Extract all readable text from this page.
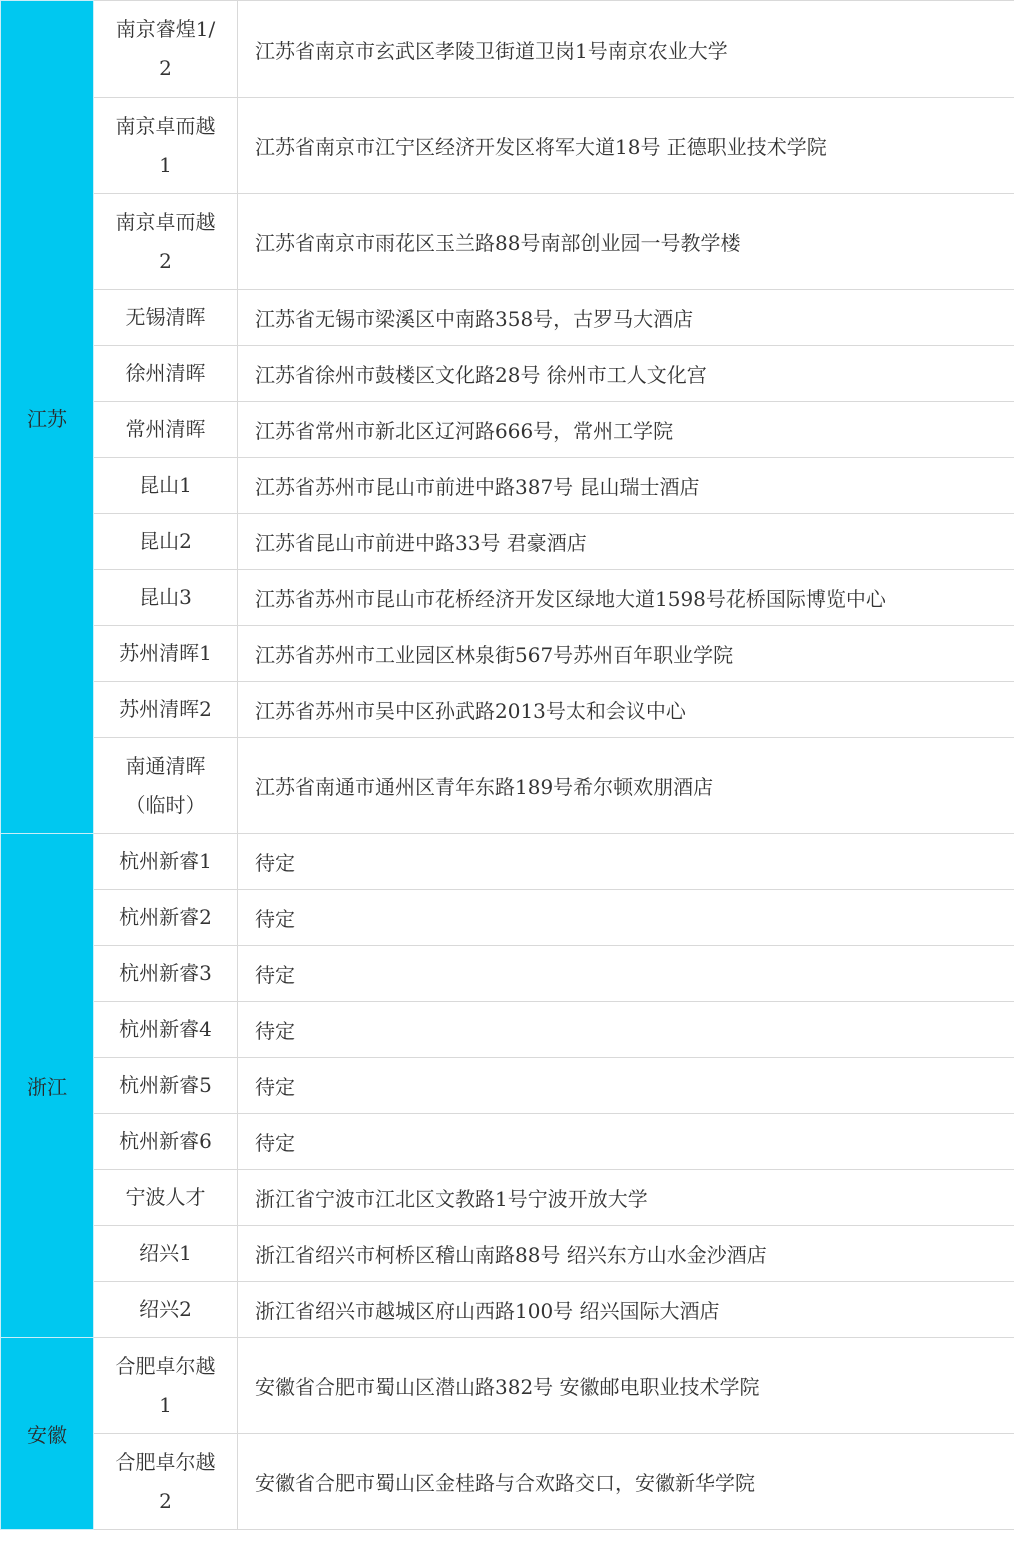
江苏	南京睿煌1/2	江苏省南京市玄武区孝陵卫街道卫岗1号南京农业大学
	南京卓而越1	江苏省南京市江宁区经济开发区将军大道18号 正德职业技术学院
	南京卓而越2	江苏省南京市雨花区玉兰路88号南部创业园一号教学楼
	无锡清晖	江苏省无锡市梁溪区中南路358号，古罗马大酒店
	徐州清晖	江苏省徐州市鼓楼区文化路28号 徐州市工人文化宫
	常州清晖	江苏省常州市新北区辽河路666号，常州工学院
	昆山1	江苏省苏州市昆山市前进中路387号 昆山瑞士酒店
	昆山2	江苏省昆山市前进中路33号 君豪酒店
	昆山3	江苏省苏州市昆山市花桥经济开发区绿地大道1598号花桥国际博览中心
	苏州清晖1	江苏省苏州市工业园区林泉街567号苏州百年职业学院
	苏州清晖2	江苏省苏州市吴中区孙武路2013号太和会议中心
	南通清晖（临时）	江苏省南通市通州区青年东路189号希尔顿欢朋酒店
浙江	杭州新睿1	待定
	杭州新睿2	待定
	杭州新睿3	待定
	杭州新睿4	待定
	杭州新睿5	待定
	杭州新睿6	待定
	宁波人才	浙江省宁波市江北区文教路1号宁波开放大学
	绍兴1	浙江省绍兴市柯桥区稽山南路88号 绍兴东方山水金沙酒店
	绍兴2	浙江省绍兴市越城区府山西路100号 绍兴国际大酒店
安徽	合肥卓尔越1	安徽省合肥市蜀山区潜山路382号 安徽邮电职业技术学院
	合肥卓尔越2	安徽省合肥市蜀山区金桂路与合欢路交口，安徽新华学院
